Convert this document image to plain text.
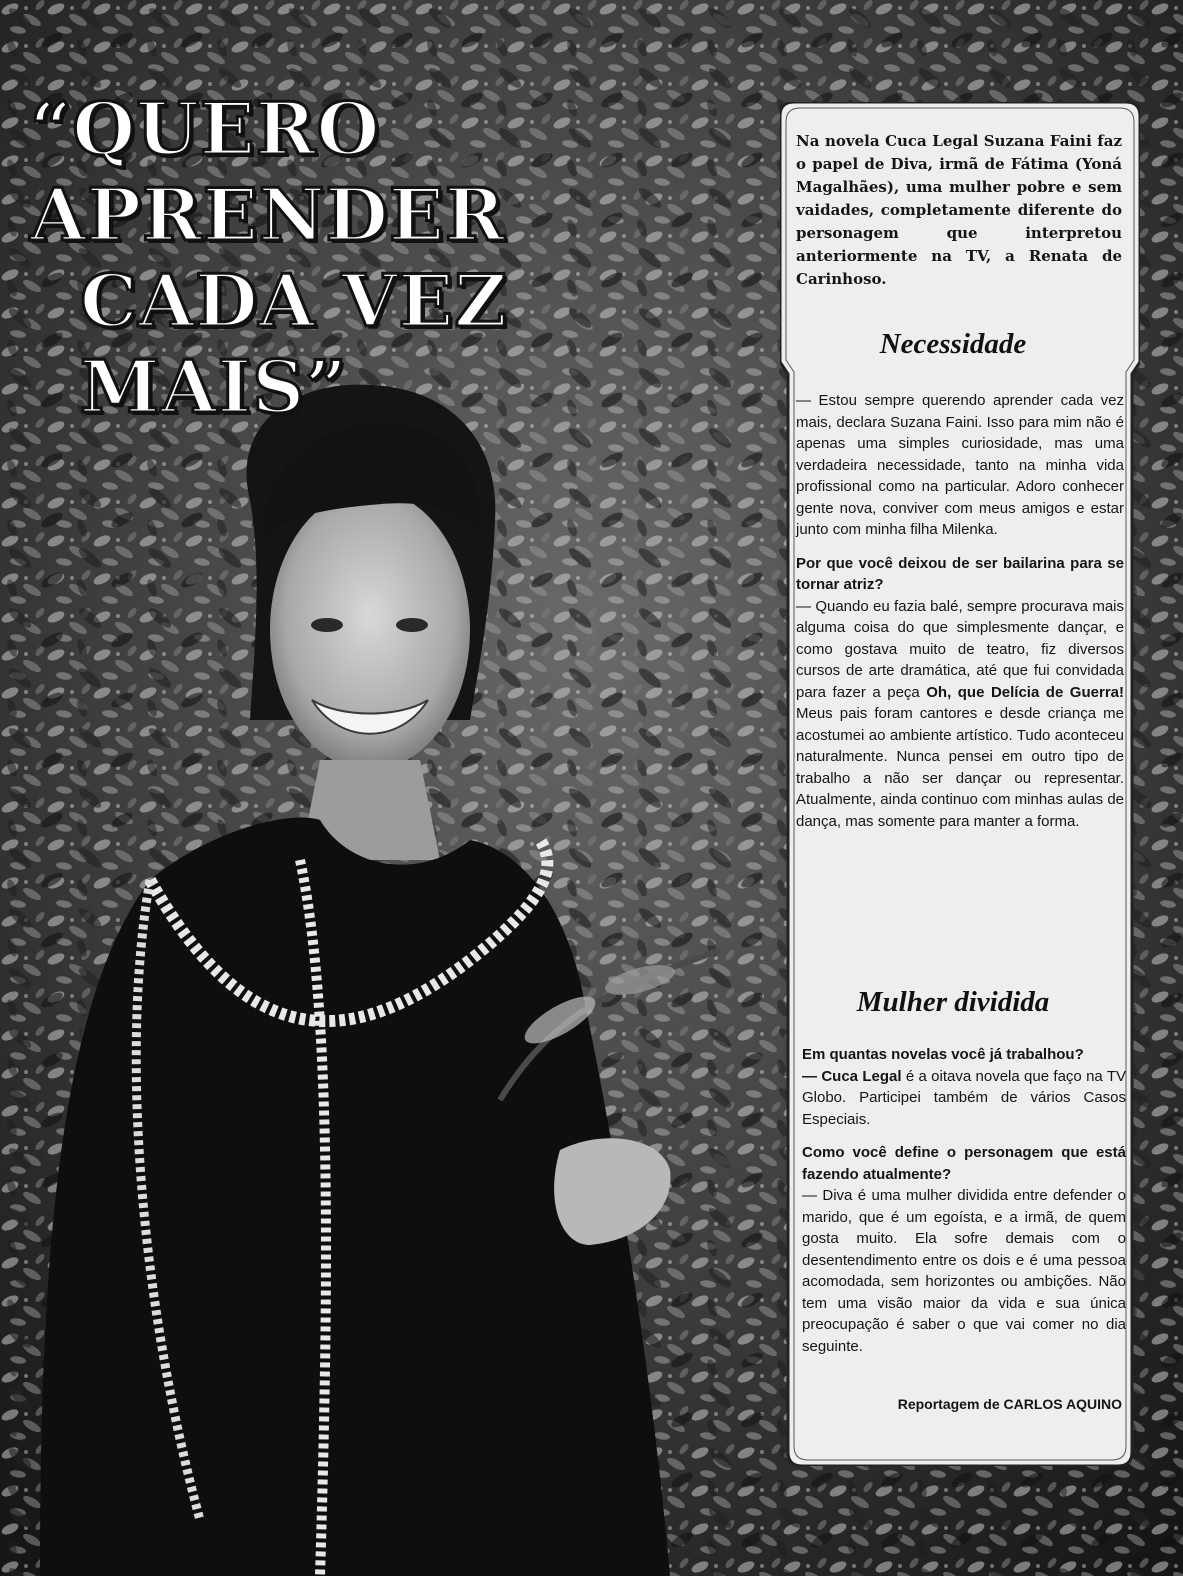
“QUERO APRENDER
CADA VEZ MAIS”
Na novela Cuca Legal Suzana Faini faz o papel de Diva, irmã de Fátima (Yoná Magalhães), uma mulher pobre e sem vaidades, completamente diferente do personagem que interpretou anteriormente na TV, a Renata de Carinhoso.
Necessidade

— Estou sempre querendo aprender cada vez mais, declara Suzana Faini. Isso para mim não é apenas uma simples curiosidade, mas uma verdadeira necessidade, tanto na minha vida profissional como na particular. Adoro conhecer gente nova, conviver com meus amigos e estar junto com minha filha Milenka.

Por que você deixou de ser bailarina para se tornar atriz?
— Quando eu fazia balé, sempre procurava mais alguma coisa do que simplesmente dançar, e como gostava muito de teatro, fiz diversos cursos de arte dramática, até que fui convidada para fazer a peça Oh, que Delícia de Guerra! Meus pais foram cantores e desde criança me acostumei ao ambiente artístico. Tudo aconteceu naturalmente. Nunca pensei em outro tipo de trabalho a não ser dançar ou representar. Atualmente, ainda continuo com minhas aulas de dança, mas somente para manter a forma.

Mulher dividida

Em quantas novelas você já trabalhou?
— Cuca Legal é a oitava novela que faço na TV Globo. Participei também de vários Casos Especiais.

Como você define o personagem que está fazendo atualmente?
— Diva é uma mulher dividida entre defender o marido, que é um egoísta, e a irmã, de quem gosta muito. Ela sofre demais com o desentendimento entre os dois e é uma pessoa acomodada, sem horizontes ou ambições. Não tem uma visão maior da vida e sua única preocupação é saber o que vai comer no dia seguinte.

Reportagem de CARLOS AQUINO
